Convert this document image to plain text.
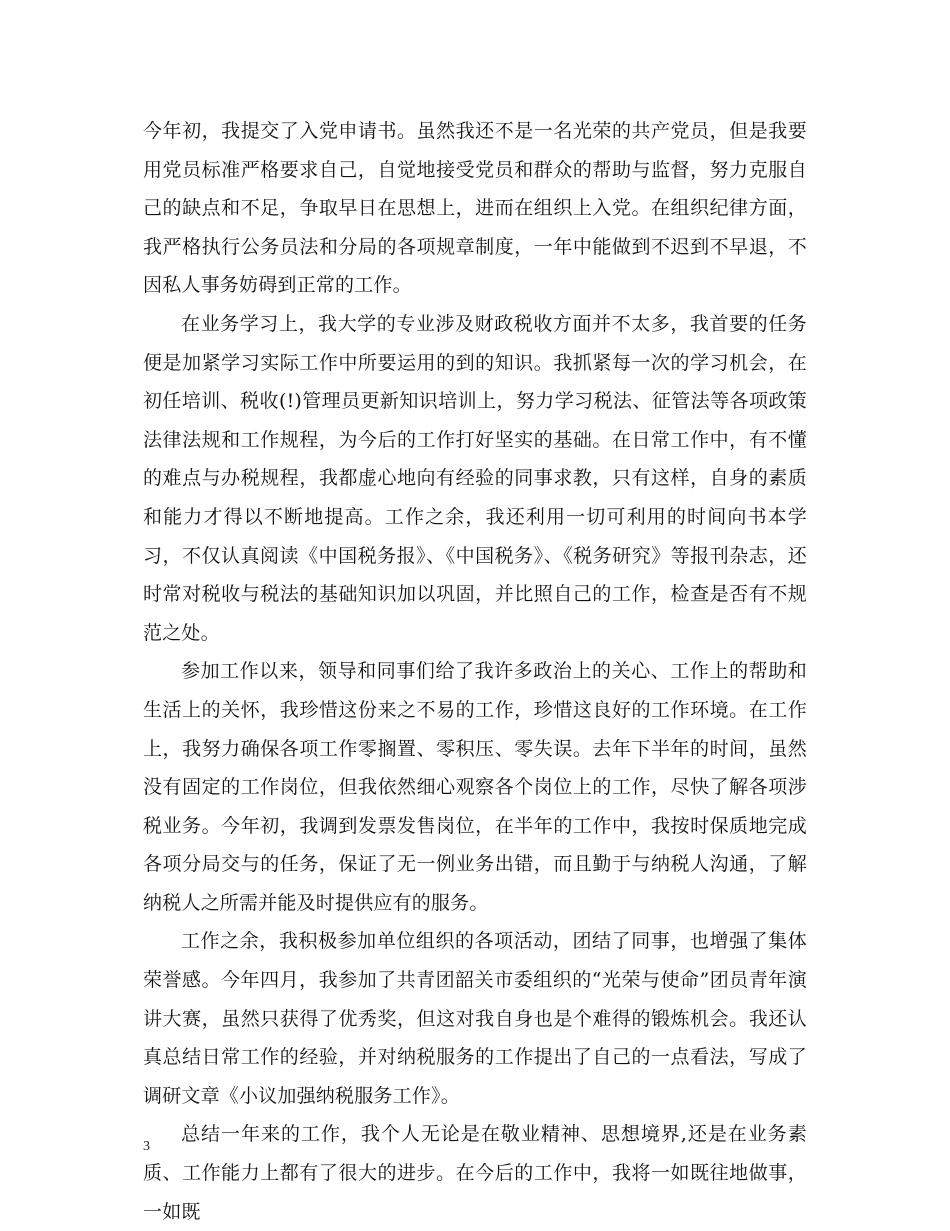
今年初，我提交了入党申请书。虽然我还不是一名光荣的共产党员，但是我要用党员标准严格要求自己，自觉地接受党员和群众的帮助与监督，努力克服自己的缺点和不足，争取早日在思想上，进而在组织上入党。在组织纪律方面，我严格执行公务员法和分局的各项规章制度，一年中能做到不迟到不早退，不因私人事务妨碍到正常的工作。

在业务学习上，我大学的专业涉及财政税收方面并不太多，我首要的任务便是加紧学习实际工作中所要运用的到的知识。我抓紧每一次的学习机会，在初任培训、税收(!)管理员更新知识培训上，努力学习税法、征管法等各项政策法律法规和工作规程，为今后的工作打好坚实的基础。在日常工作中，有不懂的难点与办税规程，我都虚心地向有经验的同事求教，只有这样，自身的素质和能力才得以不断地提高。工作之余，我还利用一切可利用的时间向书本学习，不仅认真阅读《中国税务报》、《中国税务》、《税务研究》等报刊杂志，还时常对税收与税法的基础知识加以巩固，并比照自己的工作，检查是否有不规范之处。

参加工作以来，领导和同事们给了我许多政治上的关心、工作上的帮助和生活上的关怀，我珍惜这份来之不易的工作，珍惜这良好的工作环境。在工作上，我努力确保各项工作零搁置、零积压、零失误。去年下半年的时间，虽然没有固定的工作岗位，但我依然细心观察各个岗位上的工作，尽快了解各项涉税业务。今年初，我调到发票发售岗位，在半年的工作中，我按时保质地完成各项分局交与的任务，保证了无一例业务出错，而且勤于与纳税人沟通，了解纳税人之所需并能及时提供应有的服务。

工作之余，我积极参加单位组织的各项活动，团结了同事，也增强了集体荣誉感。今年四月，我参加了共青团韶关市委组织的“光荣与使命”团员青年演讲大赛，虽然只获得了优秀奖，但这对我自身也是个难得的锻炼机会。我还认真总结日常工作的经验，并对纳税服务的工作提出了自己的一点看法，写成了调研文章《小议加强纳税服务工作》。

总结一年来的工作，我个人无论是在敬业精神、思想境界,还是在业务素质、工作能力上都有了很大的进步。在今后的工作中，我将一如既往地做事，一如既

3
